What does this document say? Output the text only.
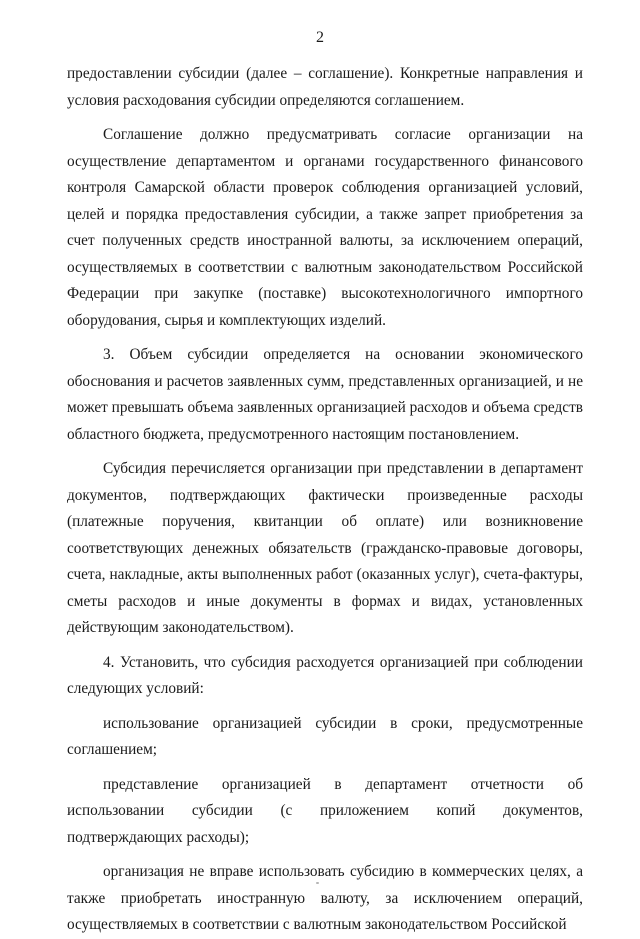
2

предоставлении субсидии (далее – соглашение). Конкретные направления и условия расходования субсидии определяются соглашением.

Соглашение должно предусматривать согласие организации на осуществление департаментом и органами государственного финансового контроля Самарской области проверок соблюдения организацией условий, целей и порядка предоставления субсидии, а также запрет приобретения за счет полученных средств иностранной валюты, за исключением операций, осуществляемых в соответствии с валютным законодательством Российской Федерации при закупке (поставке) высокотехнологичного импортного оборудования, сырья и комплектующих изделий.

3. Объем субсидии определяется на основании экономического обоснования и расчетов заявленных сумм, представленных организацией, и не может превышать объема заявленных организацией расходов и объема средств областного бюджета, предусмотренного настоящим постановлением.

Субсидия перечисляется организации при представлении в департамент документов, подтверждающих фактически произведенные расходы (платежные поручения, квитанции об оплате) или возникновение соответствующих денежных обязательств (гражданско-правовые договоры, счета, накладные, акты выполненных работ (оказанных услуг), счета-фактуры, сметы расходов и иные документы в формах и видах, установленных действующим законодательством).

4. Установить, что субсидия расходуется организацией при соблюдении следующих условий:

использование организацией субсидии в сроки, предусмотренные соглашением;

представление организацией в департамент отчетности об использовании субсидии (с приложением копий документов, подтверждающих расходы);

организация не вправе использовать субсидию в коммерческих целях, а также приобретать иностранную валюту, за исключением операций, осуществляемых в соответствии с валютным законодательством Российской
